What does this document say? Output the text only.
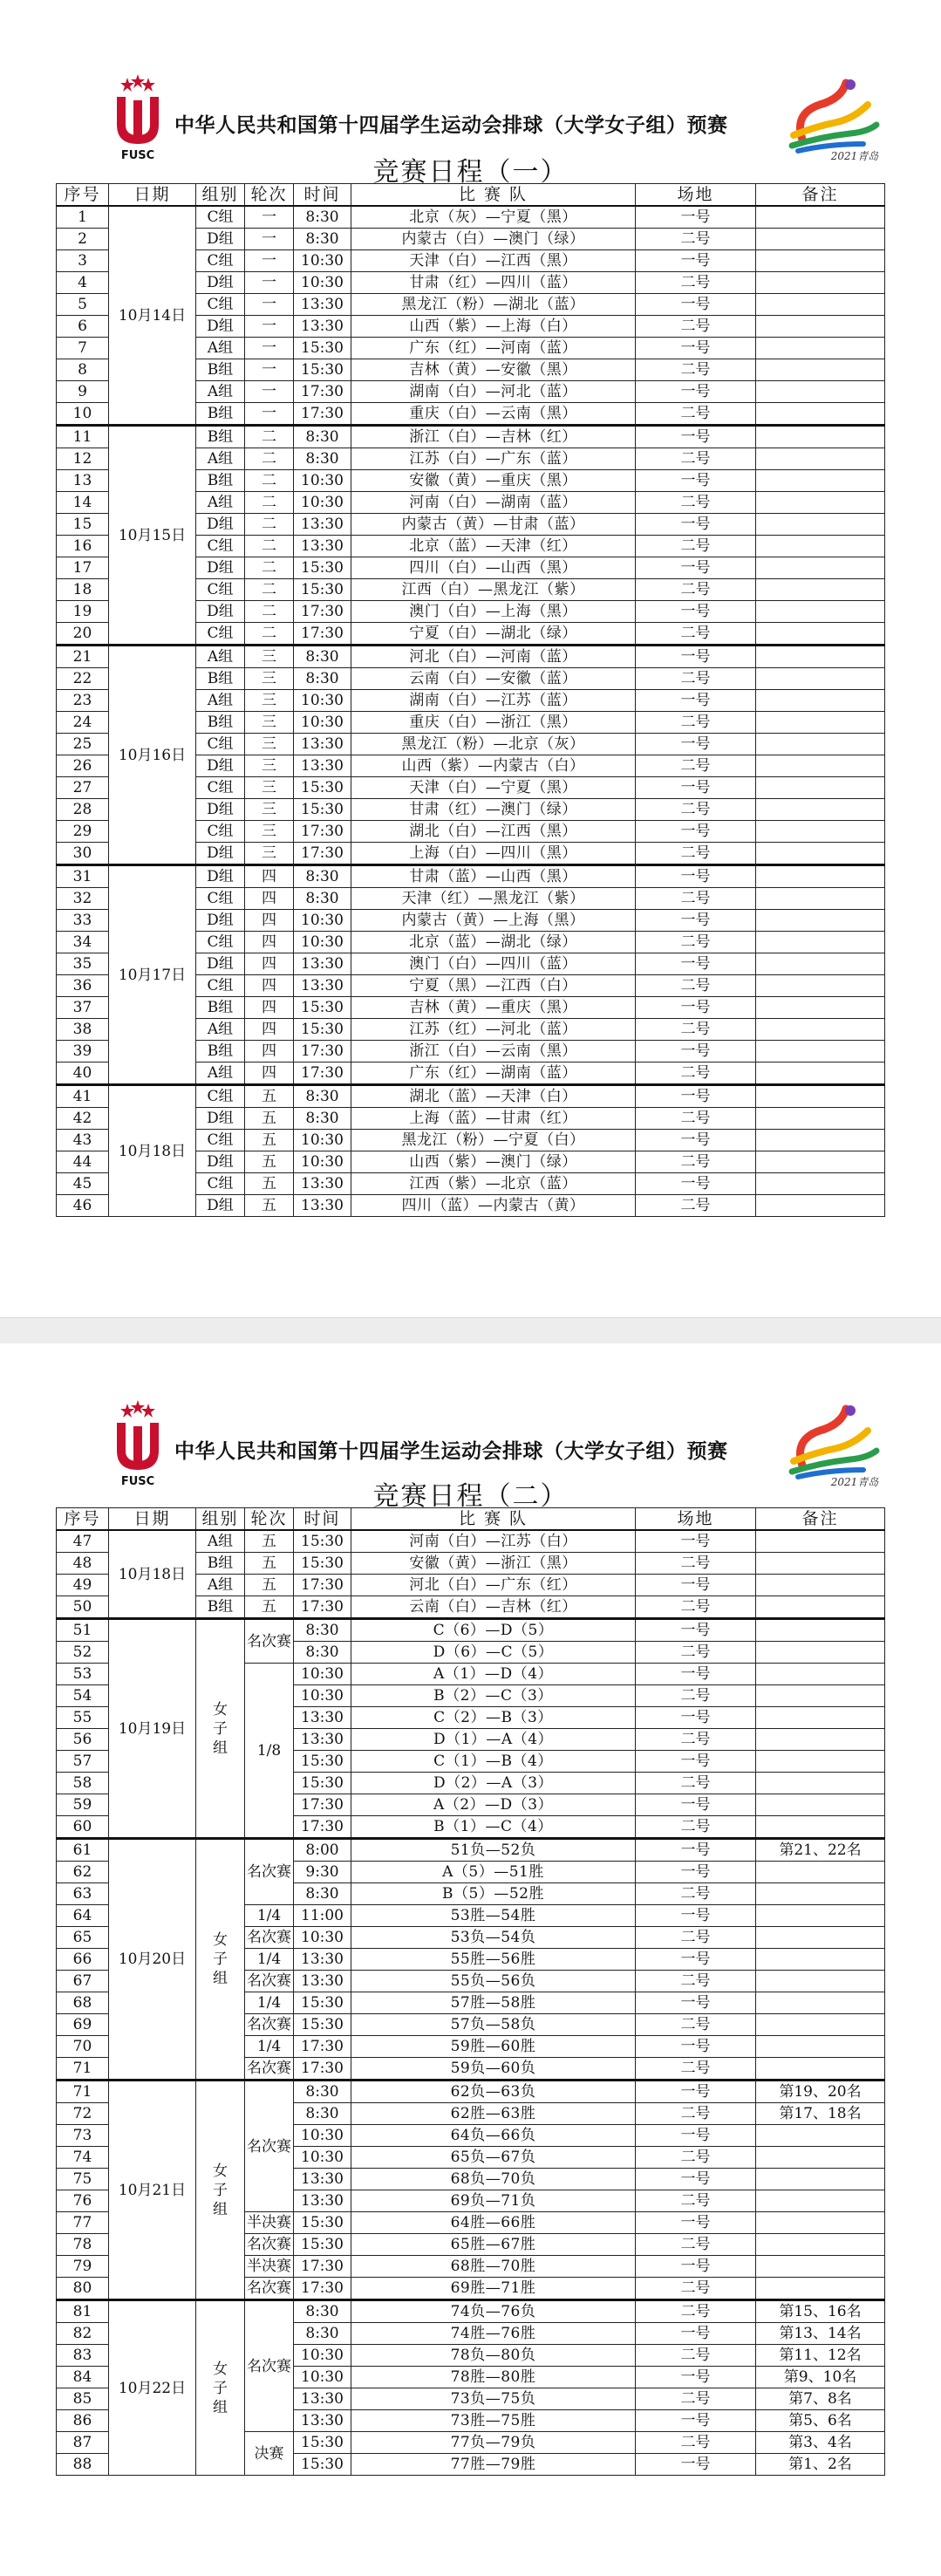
FUSC
中华人民共和国第十四届学生运动会排球（大学女子组）预赛
2021青岛
竞赛日程（一）
序号	日期	组别	轮次	时间	比 赛 队	场地	备注
1	10月14日	C组	一	8:30	北京（灰）—宁夏（黑）	一号	
2		D组	一	8:30	内蒙古（白）—澳门（绿）	二号	
3		C组	一	10:30	天津（白）—江西（黑）	一号	
4		D组	一	10:30	甘肃（红）—四川（蓝）	二号	
5		C组	一	13:30	黑龙江（粉）—湖北（蓝）	一号	
6		D组	一	13:30	山西（紫）—上海（白）	二号	
7		A组	一	15:30	广东（红）—河南（蓝）	一号	
8		B组	一	15:30	吉林（黄）—安徽（黑）	二号	
9		A组	一	17:30	湖南（白）—河北（蓝）	一号	
10		B组	一	17:30	重庆（白）—云南（黑）	二号	
11	10月15日	B组	二	8:30	浙江（白）—吉林（红）	一号	
12		A组	二	8:30	江苏（白）—广东（蓝）	二号	
13		B组	二	10:30	安徽（黄）—重庆（黑）	一号	
14		A组	二	10:30	河南（白）—湖南（蓝）	二号	
15		D组	二	13:30	内蒙古（黄）—甘肃（蓝）	一号	
16		C组	二	13:30	北京（蓝）—天津（红）	二号	
17		D组	二	15:30	四川（白）—山西（黑）	一号	
18		C组	二	15:30	江西（白）—黑龙江（紫）	二号	
19		D组	二	17:30	澳门（白）—上海（黑）	一号	
20		C组	二	17:30	宁夏（白）—湖北（绿）	二号	
21	10月16日	A组	三	8:30	河北（白）—河南（蓝）	一号	
22		B组	三	8:30	云南（白）—安徽（蓝）	二号	
23		A组	三	10:30	湖南（白）—江苏（蓝）	一号	
24		B组	三	10:30	重庆（白）—浙江（黑）	二号	
25		C组	三	13:30	黑龙江（粉）—北京（灰）	一号	
26		D组	三	13:30	山西（紫）—内蒙古（白）	二号	
27		C组	三	15:30	天津（白）—宁夏（黑）	一号	
28		D组	三	15:30	甘肃（红）—澳门（绿）	二号	
29		C组	三	17:30	湖北（白）—江西（黑）	一号	
30		D组	三	17:30	上海（白）—四川（黑）	二号	
31	10月17日	D组	四	8:30	甘肃（蓝）—山西（黑）	一号	
32		C组	四	8:30	天津（红）—黑龙江（紫）	二号	
33		D组	四	10:30	内蒙古（黄）—上海（黑）	一号	
34		C组	四	10:30	北京（蓝）—湖北（绿）	二号	
35		D组	四	13:30	澳门（白）—四川（蓝）	一号	
36		C组	四	13:30	宁夏（黑）—江西（白）	二号	
37		B组	四	15:30	吉林（黄）—重庆（黑）	一号	
38		A组	四	15:30	江苏（红）—河北（蓝）	二号	
39		B组	四	17:30	浙江（白）—云南（黑）	一号	
40		A组	四	17:30	广东（红）—湖南（蓝）	二号	
41	10月18日	C组	五	8:30	湖北（蓝）—天津（白）	一号	
42		D组	五	8:30	上海（蓝）—甘肃（红）	二号	
43		C组	五	10:30	黑龙江（粉）—宁夏（白）	一号	
44		D组	五	10:30	山西（紫）—澳门（绿）	二号	
45		C组	五	13:30	江西（紫）—北京（蓝）	一号	
46		D组	五	13:30	四川（蓝）—内蒙古（黄）	二号	
FUSC
中华人民共和国第十四届学生运动会排球（大学女子组）预赛
2021青岛
竞赛日程（二）
序号	日期	组别	轮次	时间	比 赛 队	场地	备注
47	10月18日	A组	五	15:30	河南（白）—江苏（白）	一号	
48		B组	五	15:30	安徽（黄）—浙江（黑）	二号	
49		A组	五	17:30	河北（白）—广东（红）	一号	
50		B组	五	17:30	云南（白）—吉林（红）	二号	
51	10月19日	女
子
组	名次赛	8:30	C（6）—D（5）	一号	
52				8:30	D（6）—C（5）	二号	
53			1/8	10:30	A（1）—D（4）	一号	
54				10:30	B（2）—C（3）	二号	
55				13:30	C（2）—B（3）	一号	
56				13:30	D（1）—A（4）	二号	
57				15:30	C（1）—B（4）	一号	
58				15:30	D（2）—A（3）	二号	
59				17:30	A（2）—D（3）	一号	
60				17:30	B（1）—C（4）	二号	
61	10月20日	女
子
组	名次赛	8:00	51负—52负	一号	第21、22名
62				9:30	A（5）—51胜	一号	
63				8:30	B（5）—52胜	二号	
64			1/4	11:00	53胜—54胜	一号	
65			名次赛	10:30	53负—54负	二号	
66			1/4	13:30	55胜—56胜	一号	
67			名次赛	13:30	55负—56负	二号	
68			1/4	15:30	57胜—58胜	一号	
69			名次赛	15:30	57负—58负	二号	
70			1/4	17:30	59胜—60胜	一号	
71			名次赛	17:30	59负—60负	二号	
71	10月21日	女
子
组	名次赛	8:30	62负—63负	一号	第19、20名
72				8:30	62胜—63胜	二号	第17、18名
73				10:30	64负—66负	一号	
74				10:30	65负—67负	二号	
75				13:30	68负—70负	一号	
76				13:30	69负—71负	二号	
77			半决赛	15:30	64胜—66胜	一号	
78			名次赛	15:30	65胜—67胜	二号	
79			半决赛	17:30	68胜—70胜	一号	
80			名次赛	17:30	69胜—71胜	二号	
81	10月22日	女
子
组	名次赛	8:30	74负—76负	二号	第15、16名
82				8:30	74胜—76胜	一号	第13、14名
83				10:30	78负—80负	二号	第11、12名
84				10:30	78胜—80胜	一号	第9、10名
85				13:30	73负—75负	二号	第7、8名
86				13:30	73胜—75胜	一号	第5、6名
87			决赛	15:30	77负—79负	二号	第3、4名
88				15:30	77胜—79胜	一号	第1、2名
